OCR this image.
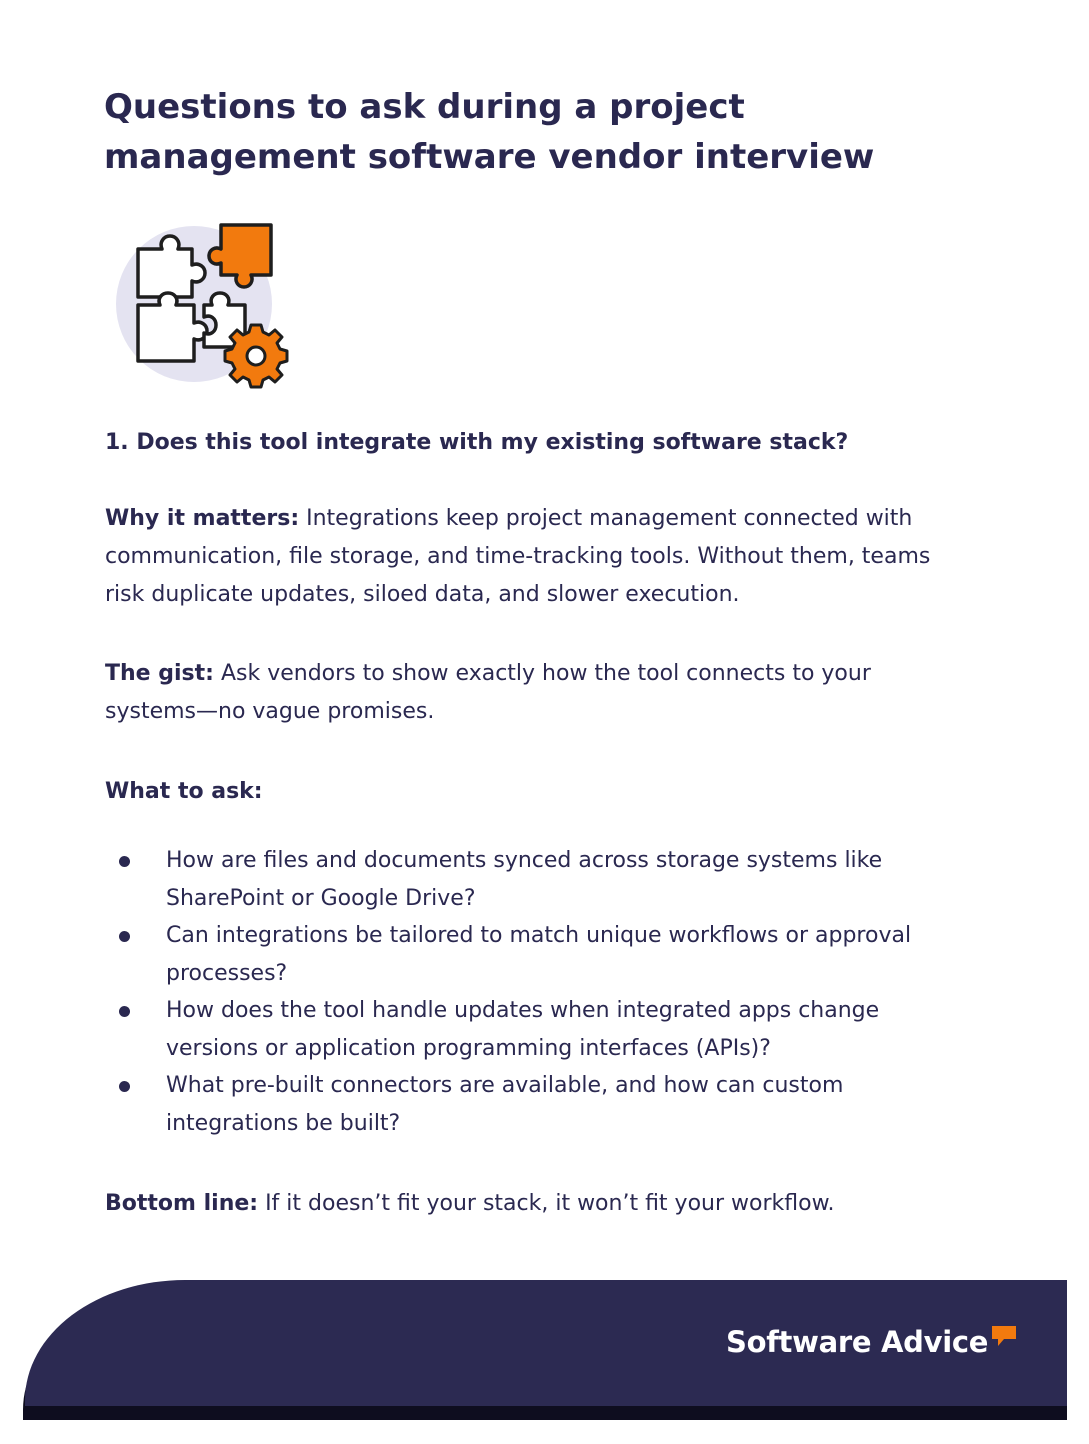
Questions to ask during a project management software vendor interview
1. Does this tool integrate with my existing software stack?

Why it matters: Integrations keep project management connected with communication, file storage, and time-tracking tools. Without them, teams risk duplicate updates, siloed data, and slower execution.

The gist: Ask vendors to show exactly how the tool connects to your systems—no vague promises.

What to ask:
How are files and documents synced across storage systems like SharePoint or Google Drive?
Can integrations be tailored to match unique workflows or approval processes?
How does the tool handle updates when integrated apps change versions or application programming interfaces (APIs)?
What pre-built connectors are available, and how can custom integrations be built?

Bottom line: If it doesn’t fit your stack, it won’t fit your workflow.

Software Advice
